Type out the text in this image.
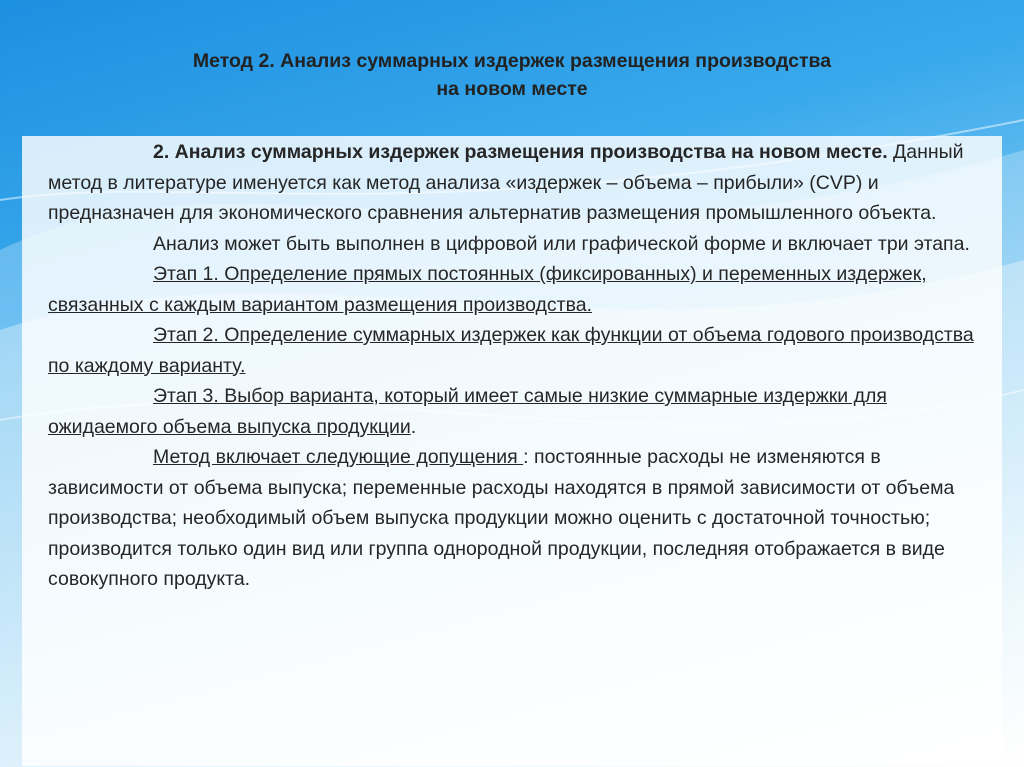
Метод 2. Анализ суммарных издержек размещения производства
на новом месте

2. Анализ суммарных издержек размещения производства на новом месте. Данный метод в литературе именуется как метод анализа «издержек – объема – прибыли» (CVP) и предназначен для экономического сравнения альтернатив размещения промышленного объекта.

Анализ может быть выполнен в цифровой или графической форме и включает три этапа.

Этап 1. Определение прямых постоянных (фиксированных) и переменных издержек, связанных с каждым вариантом размещения производства.

Этап 2. Определение суммарных издержек как функции от объема годового производства по каждому варианту.

Этап 3. Выбор варианта, который имеет самые низкие суммарные издержки для ожидаемого объема выпуска продукции.

Метод включает следующие допущения : постоянные расходы не изменяются в зависимости от объема выпуска; переменные расходы находятся в прямой зависимости от объема производства; необходимый объем выпуска продукции можно оценить с достаточной точностью; производится только один вид или группа однородной продукции, последняя отображается в виде совокупного продукта.
